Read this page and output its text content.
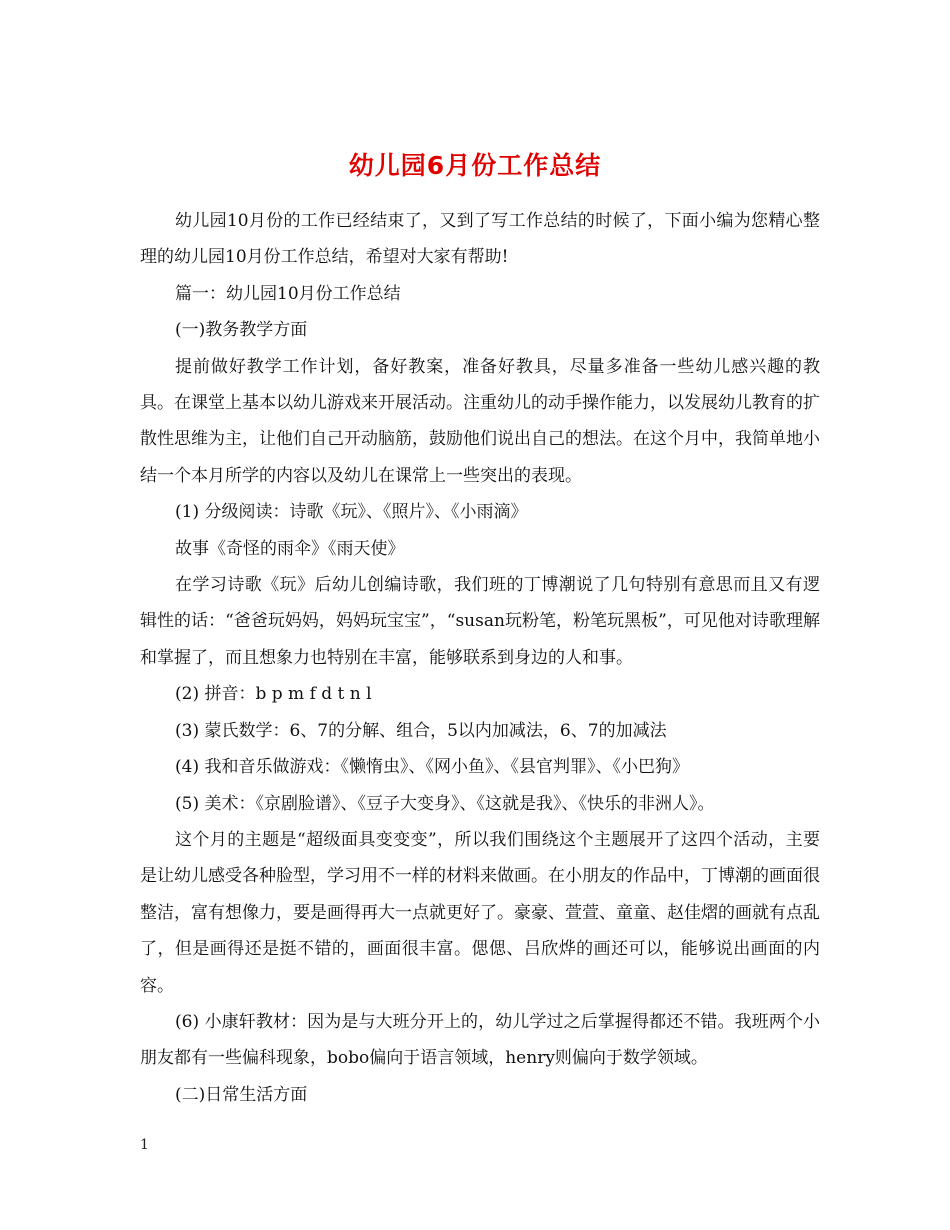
幼儿园6月份工作总结

幼儿园10月份的工作已经结束了，又到了写工作总结的时候了，下面小编为您精心整理的幼儿园10月份工作总结，希望对大家有帮助!

篇一：幼儿园10月份工作总结

(一)教务教学方面

提前做好教学工作计划，备好教案，准备好教具，尽量多准备一些幼儿感兴趣的教具。在课堂上基本以幼儿游戏来开展活动。注重幼儿的动手操作能力，以发展幼儿教育的扩散性思维为主，让他们自己开动脑筋，鼓励他们说出自己的想法。在这个月中，我简单地小结一个本月所学的内容以及幼儿在课常上一些突出的表现。

(1) 分级阅读：诗歌《玩》、《照片》、《小雨滴》

故事《奇怪的雨伞》《雨天使》

在学习诗歌《玩》后幼儿创编诗歌，我们班的丁博潮说了几句特别有意思而且又有逻辑性的话：“爸爸玩妈妈，妈妈玩宝宝”，“susan玩粉笔，粉笔玩黑板”，可见他对诗歌理解和掌握了，而且想象力也特别在丰富，能够联系到身边的人和事。

(2) 拼音：b p m f d t n l

(3) 蒙氏数学：6、7的分解、组合，5以内加减法，6、7的加减法

(4) 我和音乐做游戏：《懒惰虫》、《网小鱼》、《县官判罪》、《小巴狗》

(5) 美术：《京剧脸谱》、《豆子大变身》、《这就是我》、《快乐的非洲人》。

这个月的主题是“超级面具变变变”，所以我们围绕这个主题展开了这四个活动，主要是让幼儿感受各种脸型，学习用不一样的材料来做画。在小朋友的作品中，丁博潮的画面很整洁，富有想像力，要是画得再大一点就更好了。豪豪、萱萱、童童、赵佳熠的画就有点乱了，但是画得还是挺不错的，画面很丰富。偲偲、吕欣烨的画还可以，能够说出画面的内容。

(6) 小康轩教材：因为是与大班分开上的，幼儿学过之后掌握得都还不错。我班两个小朋友都有一些偏科现象，bobo偏向于语言领域，henry则偏向于数学领域。

(二)日常生活方面

1
